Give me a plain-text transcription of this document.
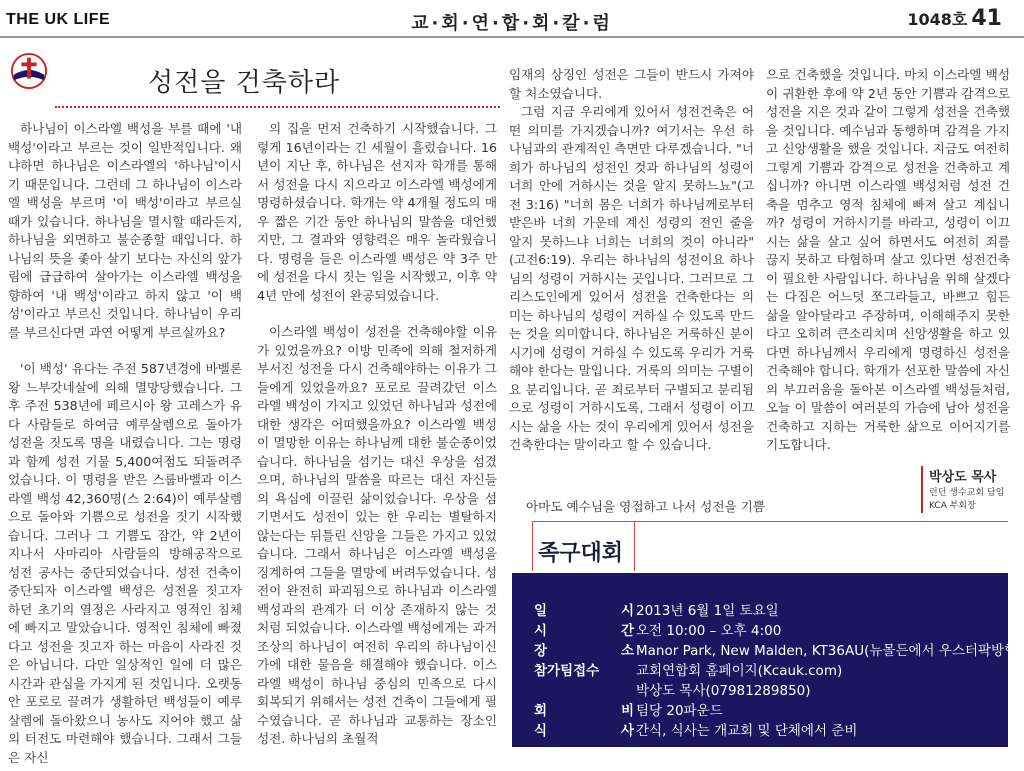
THE UK LIFE	교·회·연·합·회·칼·럼	1048호 41
성전을 건축하라

하나님이 이스라엘 백성을 부를 때에 '내 백성'이라고 부르는 것이 일반적입니다. 왜냐하면 하나님은 이스라엘의 '하나님'이시기 때문입니다. 그런데 그 하나님이 이스라엘 백성을 부르며 '이 백성'이라고 부르실 때가 있습니다. 하나님을 멸시할 때라든지, 하나님을 외면하고 불순종할 때입니다. 하나님의 뜻을 좇아 살기 보다는 자신의 앞가림에 급급하여 살아가는 이스라엘 백성을 향하여 '내 백성'이라고 하지 않고 '이 백성'이라고 부르신 것입니다. 하나님이 우리를 부르신다면 과연 어떻게 부르실까요?

'이 백성' 유다는 주전 587년경에 바벨론 왕 느부갓네살에 의해 멸망당했습니다. 그 후 주전 538년에 페르시아 왕 고레스가 유다 사람들로 하여금 예루살렘으로 돌아가 성전을 짓도록 명을 내렸습니다. 그는 명령과 함께 성전 기물 5,400여점도 되돌려주었습니다. 이 명령을 받은 스룹바벨과 이스라엘 백성 42,360명(스 2:64)이 예루살렘으로 돌아와 기쁨으로 성전을 짓기 시작했습니다. 그러나 그 기쁨도 잠간, 약 2년이 지나서 사마리아 사람들의 방해공작으로 성전 공사는 중단되었습니다. 성전 건축이 중단되자 이스라엘 백성은 성전을 짓고자 하던 초기의 열정은 사라지고 영적인 침체에 빠지고 말았습니다. 영적인 침체에 빠졌다고 성전을 짓고자 하는 마음이 사라진 것은 아닙니다. 다만 일상적인 일에 더 많은 시간과 관심을 가지게 된 것입니다. 오랫동안 포로로 끌려가 생활하던 백성들이 예루살렘에 돌아왔으니 농사도 지어야 했고 삶의 터전도 마련해야 했습니다. 그래서 그들은 자신

의 집을 먼저 건축하기 시작했습니다. 그렇게 16년이라는 긴 세월이 흘렀습니다. 16년이 지난 후, 하나님은 선지자 학개를 통해서 성전을 다시 지으라고 이스라엘 백성에게 명령하셨습니다. 학개는 약 4개월 정도의 매우 짧은 기간 동안 하나님의 말씀을 대언했지만, 그 결과와 영향력은 매우 놀라웠습니다. 명령을 들은 이스라엘 백성은 약 3주 만에 성전을 다시 짓는 일을 시작했고, 이후 약 4년 만에 성전이 완공되었습니다.

이스라엘 백성이 성전을 건축해야할 이유가 있었을까요? 이방 민족에 의해 철저하게 부서진 성전을 다시 건축해야하는 이유가 그들에게 있었을까요? 포로로 끌려갔던 이스라엘 백성이 가지고 있었던 하나님과 성전에 대한 생각은 어떠했을까요? 이스라엘 백성이 멸망한 이유는 하나님께 대한 불순종이었습니다. 하나님을 섬기는 대신 우상을 섬겼으며, 하나님의 말씀을 따르는 대신 자신들의 욕심에 이끌린 삶이었습니다. 우상을 섬기면서도 성전이 있는 한 우리는 별탈하지 않는다는 뒤틀린 신앙을 그들은 가지고 있었습니다. 그래서 하나님은 이스라엘 백성을 징계하여 그들을 멸망에 버려두었습니다. 성전이 완전히 파괴됨으로 하나님과 이스라엘 백성과의 관계가 더 이상 존재하지 않는 것처럼 되었습니다. 이스라엘 백성에게는 과거 조상의 하나님이 여전히 우리의 하나님이신가에 대한 물음을 해결해야 했습니다. 이스라엘 백성이 하나님 중심의 민족으로 다시 회복되기 위해서는 성전 건축이 그들에게 필수였습니다. 곧 하나님과 교통하는 장소인 성전. 하나님의 초월적

임재의 상징인 성전은 그들이 반드시 가져야 할 처소였습니다.

그럼 지금 우리에게 있어서 성전건축은 어떤 의미를 가지겠습니까? 여기서는 우선 하나님과의 관계적인 측면만 다루겠습니다. "너희가 하나님의 성전인 것과 하나님의 성령이 너희 안에 거하시는 것을 알지 못하느뇨"(고전 3:16) "너희 몸은 너희가 하나님께로부터 받은바 너희 가운데 계신 성령의 전인 줄을 알지 못하느냐 너희는 너희의 것이 아니라"(고전6:19). 우리는 하나님의 성전이요 하나님의 성령이 거하시는 곳입니다. 그러므로 그리스도인에게 있어서 성전을 건축한다는 의미는 하나님의 성령이 거하실 수 있도록 만드는 것을 의미합니다. 하나님은 거룩하신 분이시기에 성령이 거하실 수 있도록 우리가 거룩해야 한다는 말입니다. 거룩의 의미는 구별이요 분리입니다. 곧 죄로부터 구별되고 분리됨으로 성령이 거하시도록, 그래서 성령이 이끄시는 삶을 사는 것이 우리에게 있어서 성전을 건축한다는 말이라고 할 수 있습니다.

아마도 예수님을 영접하고 나서 성전을 기쁨

으로 건축했을 것입니다. 마치 이스라엘 백성이 귀환한 후에 약 2년 동안 기쁨과 감격으로 성전을 지은 것과 같이 그렇게 성전을 건축했을 것입니다. 예수님과 동행하며 감격을 가지고 신앙생활을 했을 것입니다. 지금도 여전히 그렇게 기쁨과 감격으로 성전을 건축하고 계십니까? 아니면 이스라엘 백성처럼 성전 건축을 멈추고 영적 침체에 빠져 살고 계십니까? 성령이 거하시기를 바라고, 성령이 이끄시는 삶을 살고 싶어 하면서도 여전히 죄를 끊지 못하고 타협하며 살고 있다면 성전건축이 필요한 사람입니다. 하나님을 위해 살겠다는 다짐은 어느덧 쪼그라들고, 바쁘고 힘든 삶을 알아달라고 주장하며, 이해해주지 못한다고 오히려 큰소리치며 신앙생활을 하고 있다면 하나님께서 우리에게 명령하신 성전을 건축해야 합니다. 학개가 선포한 말씀에 자신의 부끄러움을 돌아본 이스라엘 백성들처럼, 오늘 이 말씀이 여러분의 가슴에 남아 성전을 건축하고 지하는 거룩한 삶으로 이어지기를 기도합니다.

박상도 목사
런던 생수교회 담임
KCA 부회장
족구대회
일 시 2013년 6월 1일 토요일
시 간 오전 10:00 – 오후 4:00
장 소 Manor Park, New Malden, KT36AU(뉴몰든에서 우스터팍방향)
참가팀접수	교회연합회 홈페이지(Kcauk.com)
박상도 목사(07981289850)
회 비 팀당 20파운드
식 사 간식, 식사는 개교회 및 단체에서 준비
